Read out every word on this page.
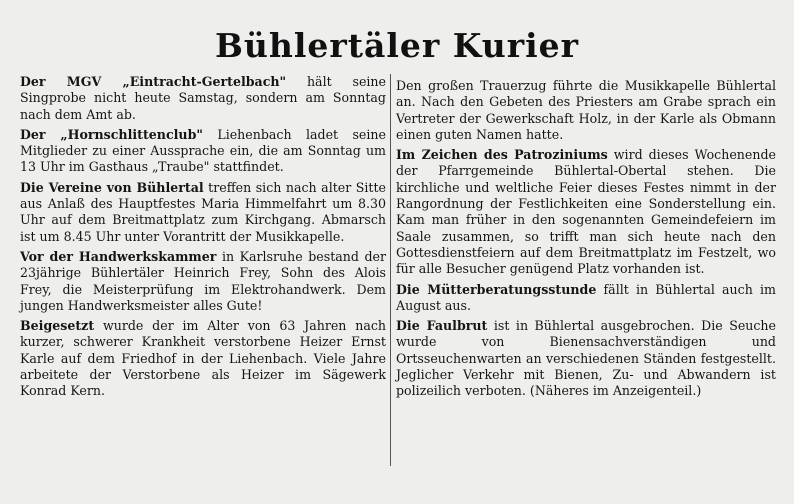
Bühlertäler Kurier

Der MGV „Eintracht-Gertelbach" hält seine Singprobe nicht heute Samstag, sondern am Sonntag nach dem Amt ab.

Der „Hornschlittenclub" Liehenbach ladet seine Mitglieder zu einer Aussprache ein, die am Sonntag um 13 Uhr im Gasthaus „Traube" stattfindet.

Die Vereine von Bühlertal treffen sich nach alter Sitte aus Anlaß des Hauptfestes Maria Himmelfahrt um 8.30 Uhr auf dem Breitmattplatz zum Kirchgang. Abmarsch ist um 8.45 Uhr unter Vorantritt der Musikkapelle.

Vor der Handwerkskammer in Karlsruhe bestand der 23jährige Bühlertäler Heinrich Frey, Sohn des Alois Frey, die Meisterprüfung im Elektrohandwerk. Dem jungen Handwerksmeister alles Gute!

Beigesetzt wurde der im Alter von 63 Jahren nach kurzer, schwerer Krankheit verstorbene Heizer Ernst Karle auf dem Friedhof in der Liehenbach. Viele Jahre arbeitete der Verstorbene als Heizer im Sägewerk Konrad Kern.

Den großen Trauerzug führte die Musikkapelle Bühlertal an. Nach den Gebeten des Priesters am Grabe sprach ein Vertreter der Gewerkschaft Holz, in der Karle als Obmann einen guten Namen hatte.

Im Zeichen des Patroziniums wird dieses Wochenende der Pfarrgemeinde Bühlertal-Obertal stehen. Die kirchliche und weltliche Feier dieses Festes nimmt in der Rangordnung der Festlichkeiten eine Sonderstellung ein. Kam man früher in den sogenannten Gemeindefeiern im Saale zusammen, so trifft man sich heute nach den Gottesdienstfeiern auf dem Breitmattplatz im Festzelt, wo für alle Besucher genügend Platz vorhanden ist.

Die Mütterberatungsstunde fällt in Bühlertal auch im August aus.

Die Faulbrut ist in Bühlertal ausgebrochen. Die Seuche wurde von Bienensachverständigen und Ortsseuchenwarten an verschiedenen Ständen festgestellt. Jeglicher Verkehr mit Bienen, Zu- und Abwandern ist polizeilich verboten. (Näheres im Anzeigenteil.)
